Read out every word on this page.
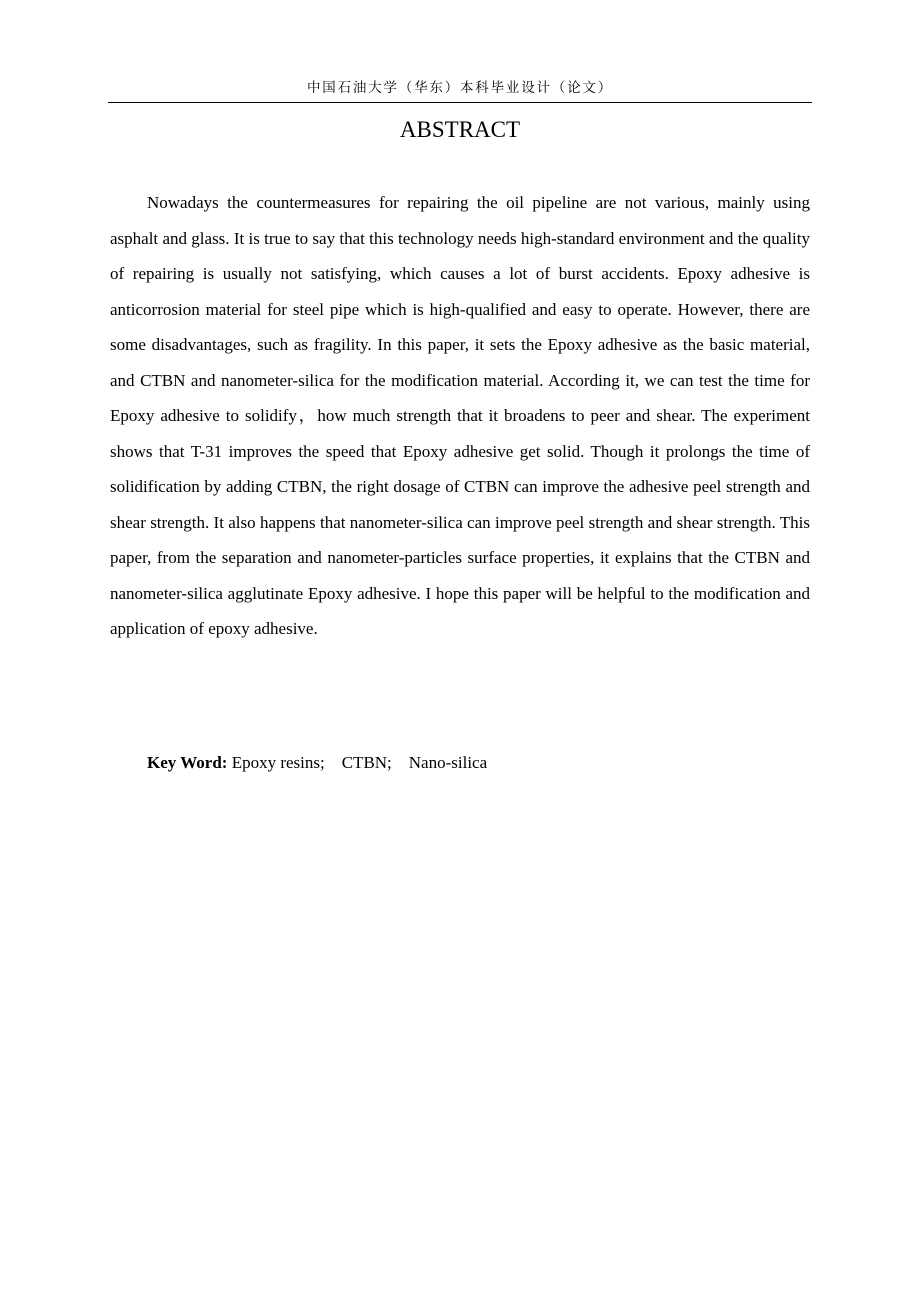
中国石油大学（华东）本科毕业设计（论文）
ABSTRACT

Nowadays the countermeasures for repairing the oil pipeline are not various, mainly using asphalt and glass. It is true to say that this technology needs high-standard environment and the quality of repairing is usually not satisfying, which causes a lot of burst accidents. Epoxy adhesive is anticorrosion material for steel pipe which is high-qualified and easy to operate. However, there are some disadvantages, such as fragility. In this paper, it sets the Epoxy adhesive as the basic material, and CTBN and nanometer-silica for the modification material. According it, we can test the time for Epoxy adhesive to solidify，how much strength that it broadens to peer and shear. The experiment shows that T-31 improves the speed that Epoxy adhesive get solid. Though it prolongs the time of solidification by adding CTBN, the right dosage of CTBN can improve the adhesive peel strength and shear strength. It also happens that nanometer-silica can improve peel strength and shear strength. This paper, from the separation and nanometer-particles surface properties, it explains that the CTBN and nanometer-silica agglutinate Epoxy adhesive. I hope this paper will be helpful to the modification and application of epoxy adhesive.

Key Word: Epoxy resins; CTBN; Nano-silica
